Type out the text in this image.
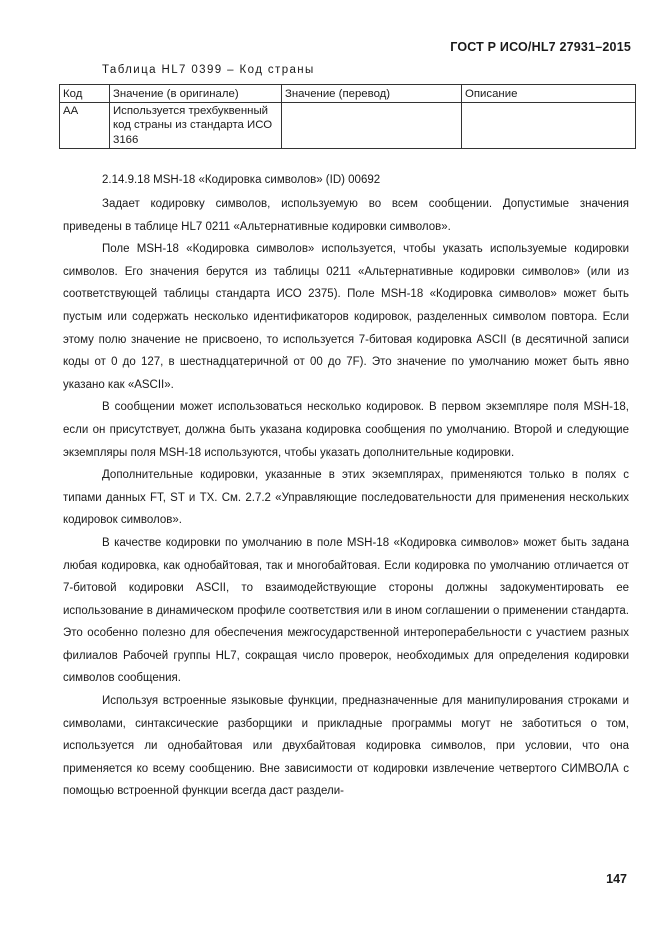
ГОСТ Р ИСО/HL7 27931–2015
Таблица HL7 0399 – Код страны
Код	Значение (в оригинале)	Значение (перевод)	Описание
AA	Используется трехбуквенный код страны из стандарта ИСО 3166		
2.14.9.18 MSH-18 «Кодировка символов» (ID) 00692

Задает кодировку символов, используемую во всем сообщении. Допустимые значения приведены в таблице HL7 0211 «Альтернативные кодировки символов».

Поле MSH-18 «Кодировка символов» используется, чтобы указать используемые кодировки символов. Его значения берутся из таблицы 0211 «Альтернативные кодировки символов» (или из соответствующей таблицы стандарта ИСО 2375). Поле MSH-18 «Кодировка символов» может быть пустым или содержать несколько идентификаторов кодировок, разделенных символом повтора. Если этому полю значение не присвоено, то используется 7-битовая кодировка ASCII (в десятичной записи коды от 0 до 127, в шестнадцатеричной от 00 до 7F). Это значение по умолчанию может быть явно указано как «ASCII».

В сообщении может использоваться несколько кодировок. В первом экземпляре поля MSH-18, если он присутствует, должна быть указана кодировка сообщения по умолчанию. Второй и следующие экземпляры поля MSH-18 используются, чтобы указать дополнительные кодировки.

Дополнительные кодировки, указанные в этих экземплярах, применяются только в полях с типами данных FT, ST и TX. См. 2.7.2 «Управляющие последовательности для применения нескольких кодировок символов».

В качестве кодировки по умолчанию в поле MSH-18 «Кодировка символов» может быть задана любая кодировка, как однобайтовая, так и многобайтовая. Если кодировка по умолчанию отличается от 7-битовой кодировки ASCII, то взаимодействующие стороны должны задокументировать ее использование в динамическом профиле соответствия или в ином соглашении о применении стандарта. Это особенно полезно для обеспечения межгосударственной интероперабельности с участием разных филиалов Рабочей группы HL7, сокращая число проверок, необходимых для определения кодировки символов сообщения.

Используя встроенные языковые функции, предназначенные для манипулирования строками и символами, синтаксические разборщики и прикладные программы могут не заботиться о том, используется ли однобайтовая или двухбайтовая кодировка символов, при условии, что она применяется ко всему сообщению. Вне зависимости от кодировки извлечение четвертого СИМВОЛА с помощью встроенной функции всегда даст раздели-

147
